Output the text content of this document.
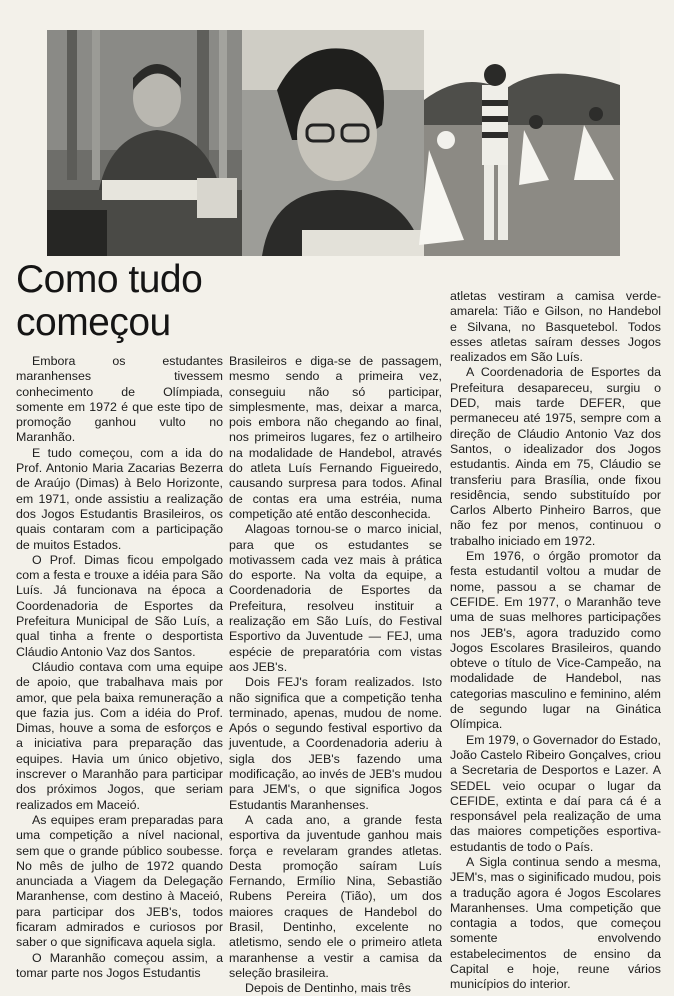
Como tudo
começou

Embora os estudantes maranhenses tivessem conhecimento de Olímpiada, somente em 1972 é que este tipo de promoção ganhou vulto no Maranhão.

E tudo começou, com a ida do Prof. Antonio Maria Zacarias Bezerra de Araújo (Dimas) à Belo Horizonte, em 1971, onde assistiu a realização dos Jogos Estudantis Brasileiros, os quais contaram com a participação de muitos Estados.

O Prof. Dimas ficou empolgado com a festa e trouxe a idéia para São Luís. Já funcionava na época a Coordenadoria de Esportes da Prefeitura Municipal de São Luís, a qual tinha a frente o desportista Cláudio Antonio Vaz dos Santos.

Cláudio contava com uma equipe de apoio, que trabalhava mais por amor, que pela baixa remuneração a que fazia jus. Com a idéia do Prof. Dimas, houve a soma de esforços e a iniciativa para preparação das equipes. Havia um único objetivo, inscrever o Maranhão para participar dos próximos Jogos, que seriam realizados em Maceió.

As equipes eram preparadas para uma competição a nível nacional, sem que o grande público soubesse. No mês de julho de 1972 quando anunciada a Viagem da Delegação Maranhense, com destino à Maceió, para participar dos JEB's, todos ficaram admirados e curiosos por saber o que significava aquela sigla.

O Maranhão começou assim, a tomar parte nos Jogos Estudantis

Brasileiros e diga-se de passagem, mesmo sendo a primeira vez, conseguiu não só participar, simplesmente, mas, deixar a marca, pois embora não chegando ao final, nos primeiros lugares, fez o artilheiro na modalidade de Handebol, através do atleta Luís Fernando Figueiredo, causando surpresa para todos. Afinal de contas era uma estréia, numa competição até então desconhecida.

Alagoas tornou-se o marco inicial, para que os estudantes se motivassem cada vez mais à prática do esporte. Na volta da equipe, a Coordenadoria de Esportes da Prefeitura, resolveu instituir a realização em São Luís, do Festival Esportivo da Juventude — FEJ, uma espécie de preparatória com vistas aos JEB's.

Dois FEJ's foram realizados. Isto não significa que a competição tenha terminado, apenas, mudou de nome. Após o segundo festival esportivo da juventude, a Coordenadoria aderiu à sigla dos JEB's fazendo uma modificação, ao invés de JEB's mudou para JEM's, o que significa Jogos Estudantis Maranhenses.

A cada ano, a grande festa esportiva da juventude ganhou mais força e revelaram grandes atletas. Desta promoção saíram Luís Fernando, Ermílio Nina, Sebastião Rubens Pereira (Tião), um dos maiores craques de Handebol do Brasil, Dentinho, excelente no atletismo, sendo ele o primeiro atleta maranhense a vestir a camisa da seleção brasileira.

Depois de Dentinho, mais três

atletas vestiram a camisa verde-amarela: Tião e Gilson, no Handebol e Silvana, no Basquetebol. Todos esses atletas saíram desses Jogos realizados em São Luís.

A Coordenadoria de Esportes da Prefeitura desapareceu, surgiu o DED, mais tarde DEFER, que permaneceu até 1975, sempre com a direção de Cláudio Antonio Vaz dos Santos, o idealizador dos Jogos estudantis. Ainda em 75, Cláudio se transferiu para Brasília, onde fixou residência, sendo substituído por Carlos Alberto Pinheiro Barros, que não fez por menos, continuou o trabalho iniciado em 1972.

Em 1976, o órgão promotor da festa estudantil voltou a mudar de nome, passou a se chamar de CEFIDE. Em 1977, o Maranhão teve uma de suas melhores participações nos JEB's, agora traduzido como Jogos Escolares Brasileiros, quando obteve o título de Vice-Campeão, na modalidade de Handebol, nas categorias masculino e feminino, além de segundo lugar na Ginática Olímpica.

Em 1979, o Governador do Estado, João Castelo Ribeiro Gonçalves, criou a Secretaria de Desportos e Lazer. A SEDEL veio ocupar o lugar da CEFIDE, extinta e daí para cá é a responsável pela realização de uma das maiores competições esportiva-estudantis de todo o País.

A Sigla continua sendo a mesma, JEM's, mas o siginificado mudou, pois a tradução agora é Jogos Escolares Maranhenses. Uma competição que contagia a todos, que começou somente envolvendo estabelecimentos de ensino da Capital e hoje, reune vários municípios do interior.
